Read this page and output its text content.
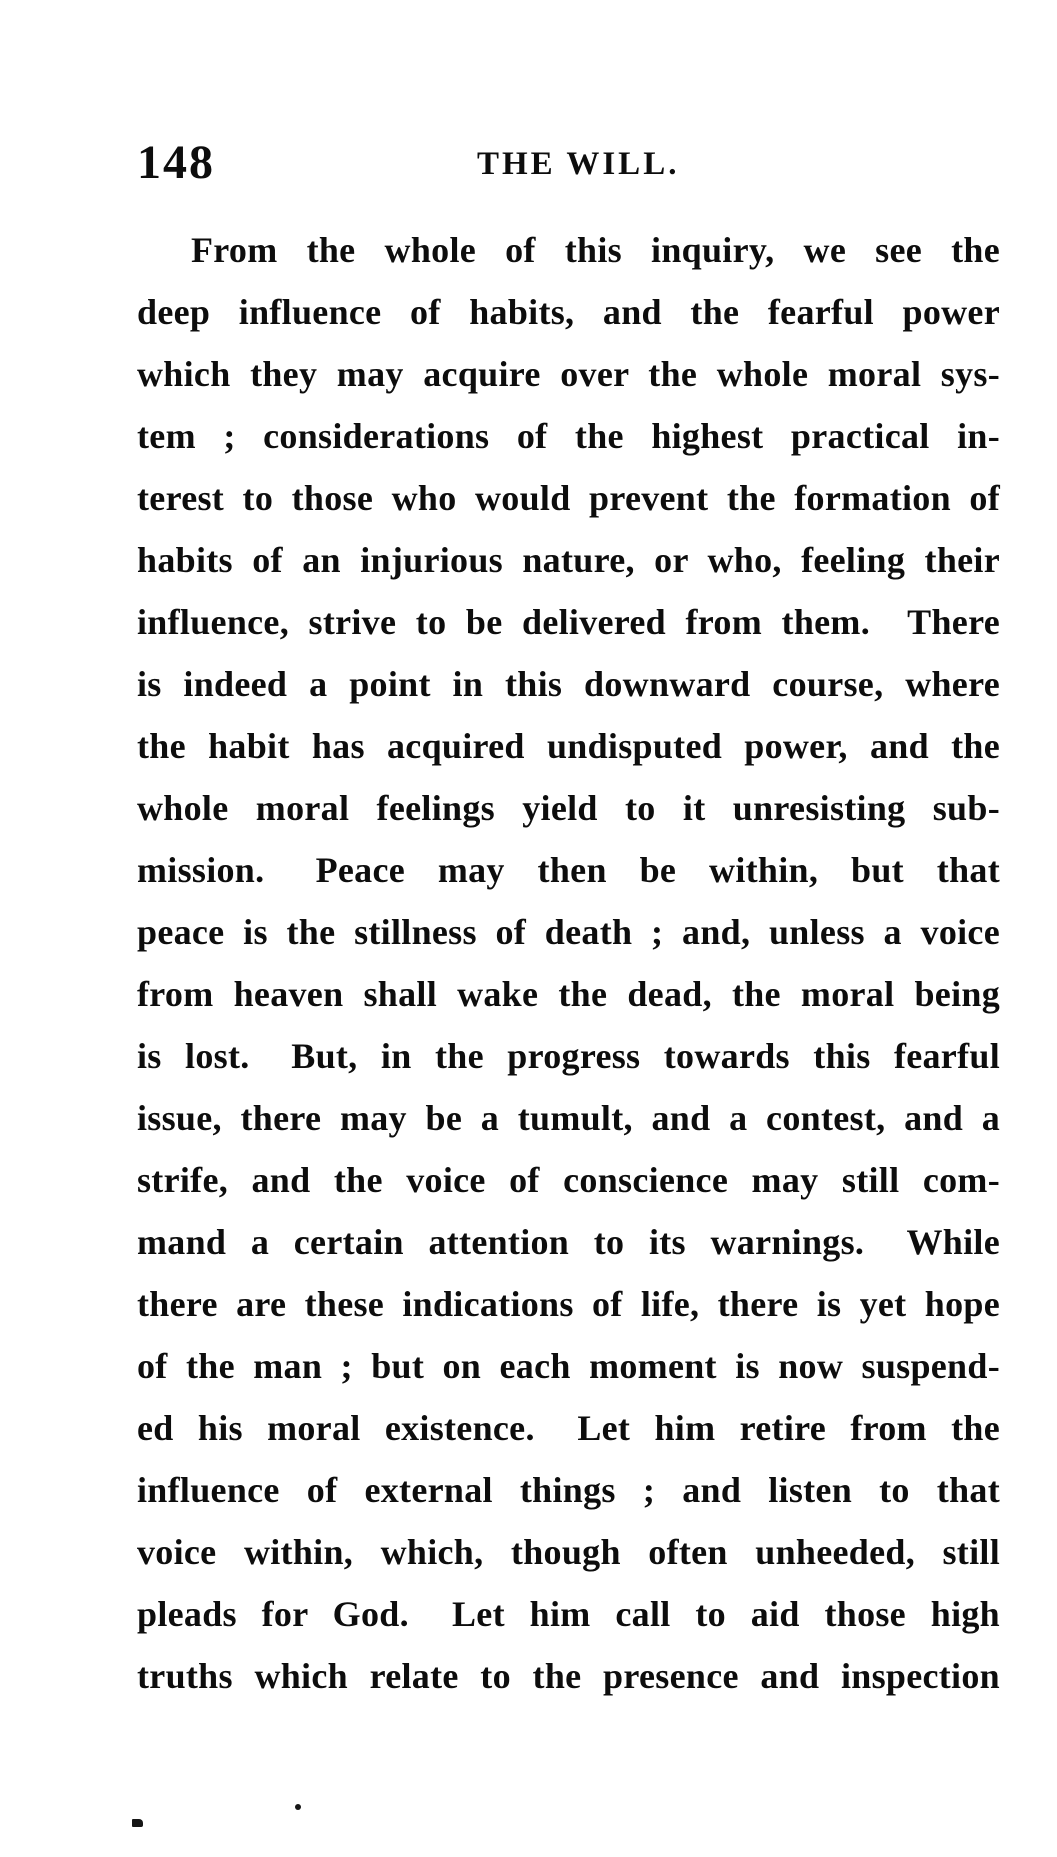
148	THE WILL.
From the whole of this inquiry, we see the
deep influence of habits, and the fearful power
which they may acquire over the whole moral sys-
tem ; considerations of the highest practical in-
terest to those who would prevent the formation of
habits of an injurious nature, or who, feeling their
influence, strive to be delivered from them.  There
is indeed a point in this downward course, where
the habit has acquired undisputed power, and the
whole moral feelings yield to it unresisting sub-
mission.  Peace may then be within, but that
peace is the stillness of death ; and, unless a voice
from heaven shall wake the dead, the moral being
is lost.  But, in the progress towards this fearful
issue, there may be a tumult, and a contest, and a
strife, and the voice of conscience may still com-
mand a certain attention to its warnings.  While
there are these indications of life, there is yet hope
of the man ; but on each moment is now suspend-
ed his moral existence.  Let him retire from the
influence of external things ; and listen to that
voice within, which, though often unheeded, still
pleads for God.  Let him call to aid those high
truths which relate to the presence and inspection
